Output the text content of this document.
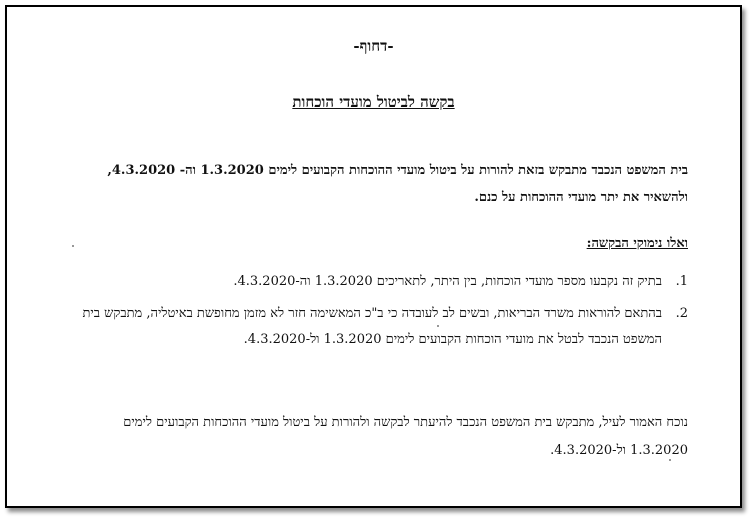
-דחוף-
בקשה לביטול מועדי הוכחות
בית המשפט הנכבד מתבקש בזאת להורות על ביטול מועדי ההוכחות הקבועים לימים 1.3.2020 וה- 4.3.2020, ולהשאיר את יתר מועדי ההוכחות על כנם.
ואלו נימוקי הבקשה:
1.
בתיק זה נקבעו מספר מועדי הוכחות, בין היתר, לתאריכים 1.3.2020 וה-4.3.2020.
2.
בהתאם להוראות משרד הבריאות, ובשים לב לעובדה כי ב"כ המאשימה חזר לא מזמן מחופשת באיטליה, מתבקש בית המשפט הנכבד לבטל את מועדי הוכחות הקבועים לימים 1.3.2020 ול-4.3.2020.
נוכח האמור לעיל, מתבקש בית המשפט הנכבד להיעתר לבקשה ולהורות על ביטול מועדי ההוכחות הקבועים לימים 1.3.2020 ול-4.3.2020.
